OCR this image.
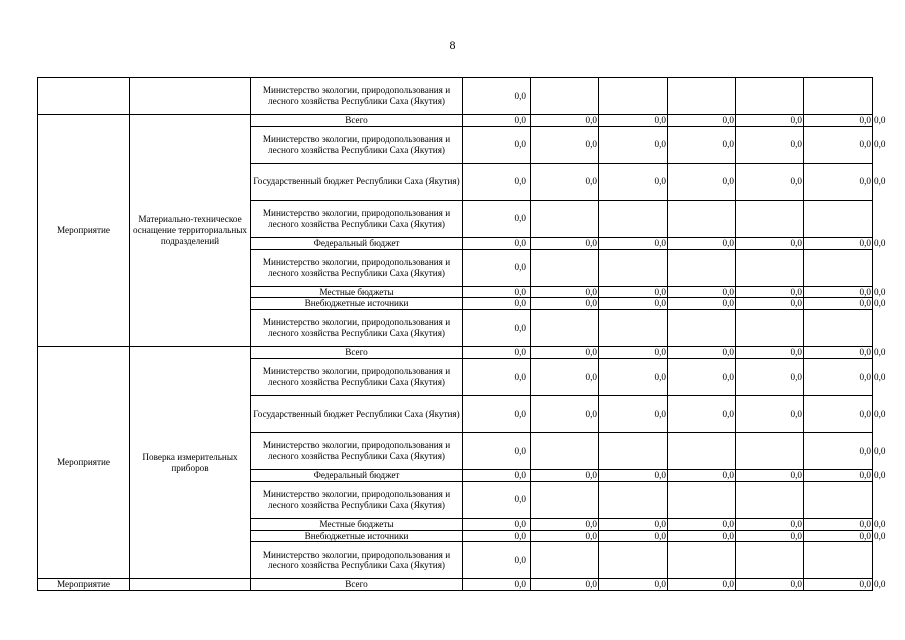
8
		Министерство экологии, природопользования и лесного хозяйства Республики Саха (Якутия)	0,0						
Мероприятие	Материально-техническое оснащение территориальных подразделений	Всего	0,0	0,0	0,0	0,0	0,0	0,0	0,0
		Министерство экологии, природопользования и лесного хозяйства Республики Саха (Якутия)	0,0	0,0	0,0	0,0	0,0	0,0	0,0
		Государственный бюджет Республики Саха (Якутия)	0,0	0,0	0,0	0,0	0,0	0,0	0,0
		Министерство экологии, природопользования и лесного хозяйства Республики Саха (Якутия)	0,0						
		Федеральный бюджет	0,0	0,0	0,0	0,0	0,0	0,0	0,0
		Министерство экологии, природопользования и лесного хозяйства Республики Саха (Якутия)	0,0						
		Местные бюджеты	0,0	0,0	0,0	0,0	0,0	0,0	0,0
		Внебюджетные источники	0,0	0,0	0,0	0,0	0,0	0,0	0,0
		Министерство экологии, природопользования и лесного хозяйства Республики Саха (Якутия)	0,0						
Мероприятие	Поверка измерительных приборов	Всего	0,0	0,0	0,0	0,0	0,0	0,0	0,0
		Министерство экологии, природопользования и лесного хозяйства Республики Саха (Якутия)	0,0	0,0	0,0	0,0	0,0	0,0	0,0
		Государственный бюджет Республики Саха (Якутия)	0,0	0,0	0,0	0,0	0,0	0,0	0,0
		Министерство экологии, природопользования и лесного хозяйства Республики Саха (Якутия)	0,0					0,0	0,0
		Федеральный бюджет	0,0	0,0	0,0	0,0	0,0	0,0	0,0
		Министерство экологии, природопользования и лесного хозяйства Республики Саха (Якутия)	0,0						
		Местные бюджеты	0,0	0,0	0,0	0,0	0,0	0,0	0,0
		Внебюджетные источники	0,0	0,0	0,0	0,0	0,0	0,0	0,0
		Министерство экологии, природопользования и лесного хозяйства Республики Саха (Якутия)	0,0						
Мероприятие		Всего	0,0	0,0	0,0	0,0	0,0	0,0	0,0
